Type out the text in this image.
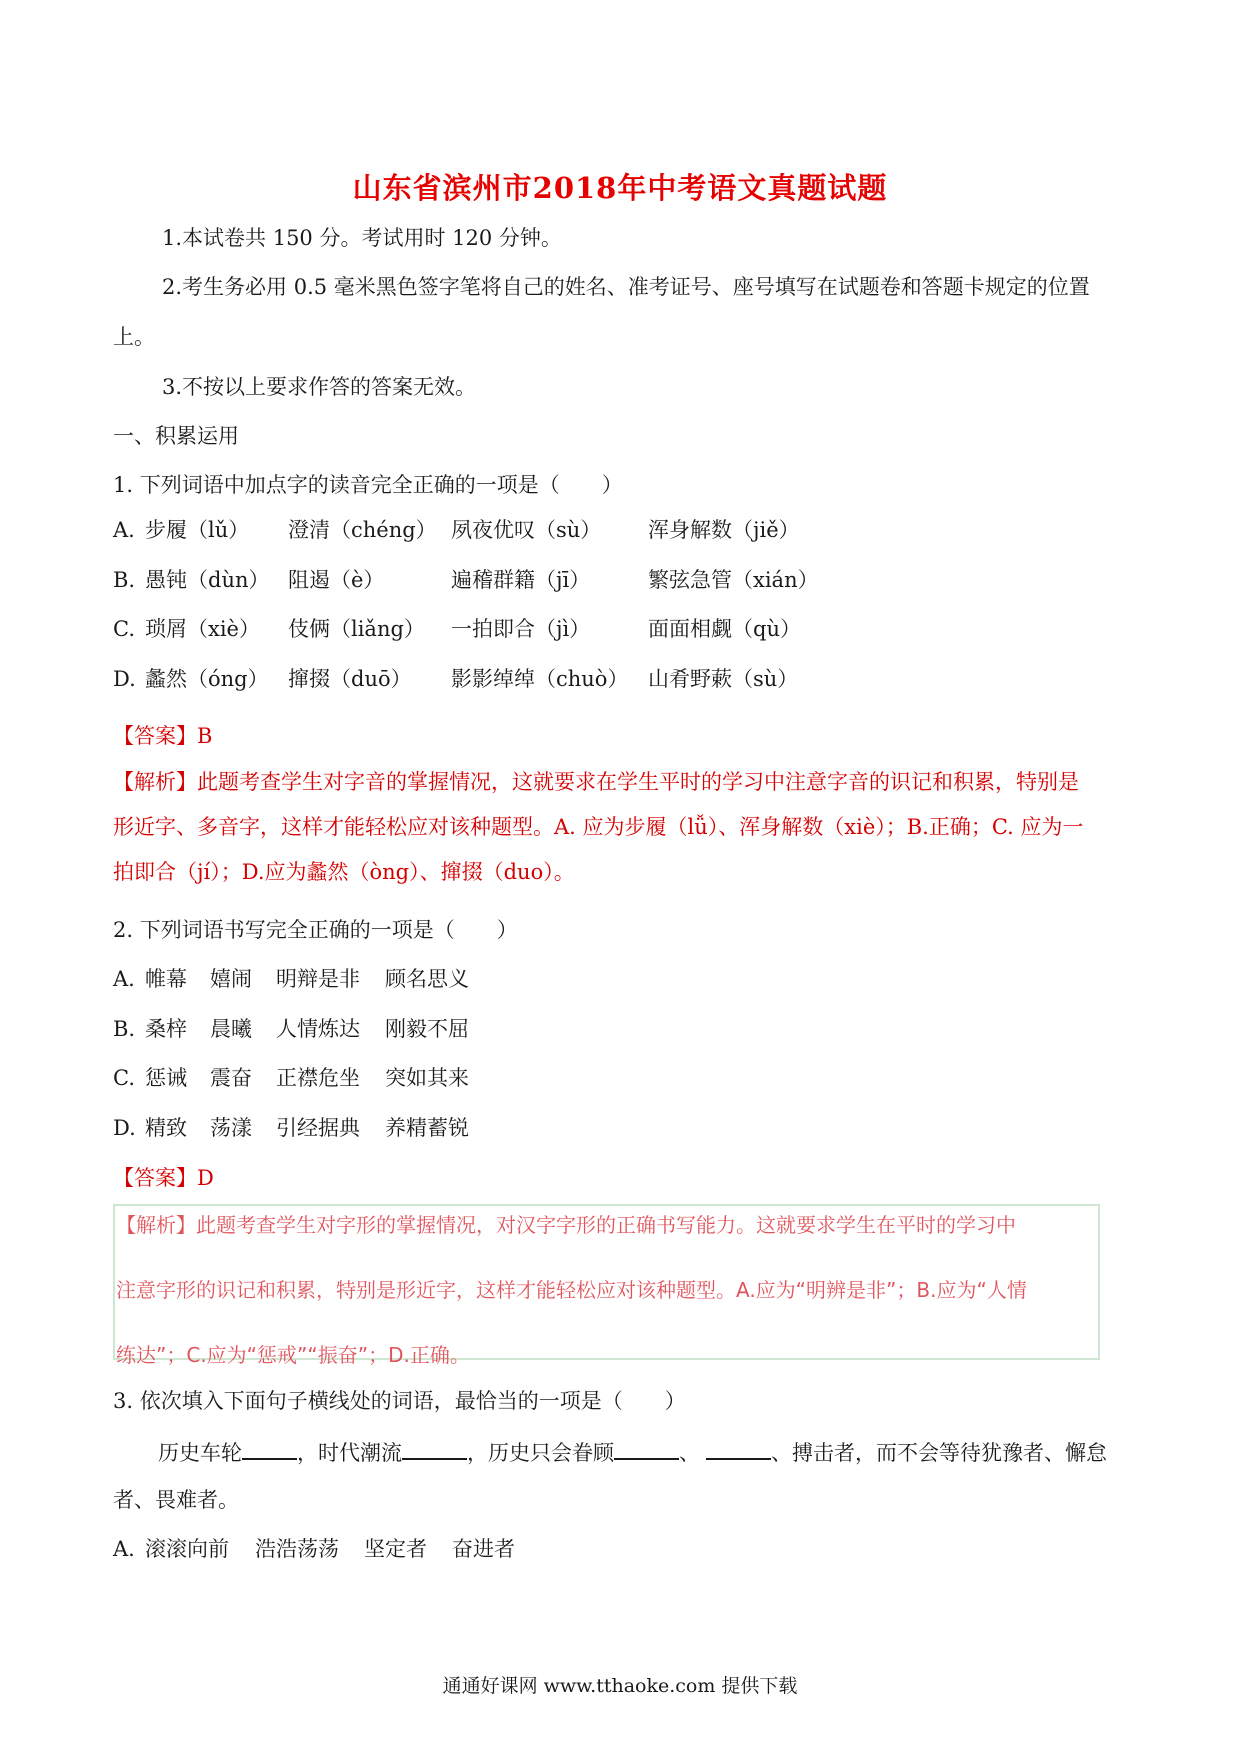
山东省滨州市2018年中考语文真题试题
1.本试卷共 150 分。考试用时 120 分钟。
2.考生务必用 0.5 毫米黑色签字笔将自己的姓名、准考证号、座号填写在试题卷和答题卡规定的位置
上。
3.不按以上要求作答的答案无效。
一、积累运用
1. 下列词语中加点字的读音完全正确的一项是（　　）
A. 步履（lǔ） 澄清（chéng） 夙夜优叹（sù） 浑身解数（jiě）
B. 愚钝（dùn） 阻遏（è）	遍稽群籍（jī）	繁弦急管（xián）
C. 琐屑（xiè） 伎俩（liǎng） 一拍即合（jì）	面面相觑（qù）
D. 蠡然（óng） 撺掇（duō） 影影绰绰（chuò） 山肴野蔌（sù）
【答案】B
【解析】此题考查学生对字音的掌握情况，这就要求在学生平时的学习中注意字音的识记和积累，特别是
形近字、多音字，这样才能轻松应对该种题型。A. 应为步履（lǚ）、浑身解数（xiè）；B.正确；C. 应为一
拍即合（jí）；D.应为蠡然（òng）、撺掇（duo）。
2. 下列词语书写完全正确的一项是（　　）
A. 帷幕 嬉闹 明辩是非 顾名思义
B. 桑梓 晨曦 人情炼达 刚毅不屈
C. 惩诫 震奋 正襟危坐 突如其来
D. 精致 荡漾 引经据典 养精蓄锐
【答案】D
【解析】此题考查学生对字形的掌握情况，对汉字字形的正确书写能力。这就要求学生在平时的学习中
注意字形的识记和积累，特别是形近字，这样才能轻松应对该种题型。A.应为“明辨是非”；B.应为“人情
练达”；C.应为“惩戒”“振奋”；D.正确。
3. 依次填入下面句子横线处的词语，最恰当的一项是（　　）
历史车轮	，时代潮流	，历史只会眷顾	、	、搏击者，而不会等待犹豫者、懈怠
者、畏难者。
A. 滚滚向前 浩浩荡荡 坚定者 奋进者
通通好课网 www.tthaoke.com 提供下载
